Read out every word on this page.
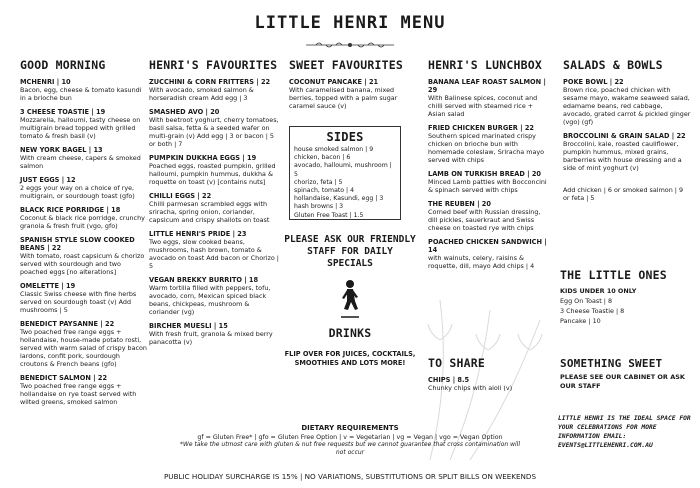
LITTLE HENRI MENU
GOOD MORNING
MCHENRI | 10
Bacon, egg, cheese & tomato kasundi in a brioche bun
3 CHEESE TOASTIE | 19
Mozzarella, halloumi, tasty cheese on multigrain bread topped with grilled tomato & fresh basil (v)
NEW YORK BAGEL | 13
With cream cheese, capers & smoked salmon
JUST EGGS | 12
2 eggs your way on a choice of rye, multigrain, or sourdough toast (gfo)
BLACK RICE PORRIDGE | 18
Coconut & black rice porridge, crunchy granola & fresh fruit (vgo, gfo)
SPANISH STYLE SLOW COOKED BEANS | 22
With tomato, roast capsicum & chorizo served with sourdough and two poached eggs [no alterations]
OMELETTE | 19
Classic Swiss cheese with fine herbs served on sourdough toast (v) Add mushrooms | 5
BENEDICT PAYSANNE | 22
Two poached free range eggs + hollandaise, house-made potato rosti, served with warm salad of crispy bacon lardons, confit pork, sourdough croutons & French beans (gfo)
BENEDICT SALMON | 22
Two poached free range eggs + hollandaise on rye toast served with wilted greens, smoked salmon
HENRI'S FAVOURITES
ZUCCHINI & CORN FRITTERS | 22
With avocado, smoked salmon & horseradish cream Add egg | 3
SMASHED AVO | 20
With beetroot yoghurt, cherry tomatoes, basil salsa, fetta & a seeded wafer on multi-grain (v) Add egg | 3 or bacon | 5 or both | 7
PUMPKIN DUKKHA EGGS | 19
Poached eggs, roasted pumpkin, grilled halloumi, pumpkin hummus, dukkha & roquette on toast (v) [contains nuts]
CHILLI EGGS | 22
Chilli parmesan scrambled eggs with sriracha, spring onion, coriander, capsicum and crispy shallots on toast
LITTLE HENRI'S PRIDE | 23
Two eggs, slow cooked beans, mushrooms, hash brown, tomato & avocado on toast Add bacon or Chorizo | 5
VEGAN BREKKY BURRITO | 18
Warm tortilla filled with peppers, tofu, avocado, corn, Mexican spiced black beans, chickpeas, mushroom & coriander (vg)
BIRCHER MUESLI | 15
With fresh fruit, granola & mixed berry panacotta (v)
SWEET FAVOURITES
COCONUT PANCAKE | 21
With caramelised banana, mixed berries, topped with a palm sugar caramel sauce (v)
SIDES
house smoked salmon | 9
chicken, bacon | 6
avocado, halloumi, mushroom | 5
chorizo, feta | 5
spinach, tomato | 4
hollandaise, Kasundi, egg | 3
hash browns | 3
Gluten Free Toast | 1.5
PLEASE ASK OUR FRIENDLY STAFF FOR DAILY SPECIALS
DRINKS
FLIP OVER FOR JUICES, COCKTAILS, SMOOTHIES AND LOTS MORE!
HENRI'S LUNCHBOX
BANANA LEAF ROAST SALMON | 29
With Balinese spices, coconut and chilli served with steamed rice + Asian salad
FRIED CHICKEN BURGER | 22
Southern spiced marinated crispy chicken on brioche bun with homemade coleslaw, Sriracha mayo served with chips
LAMB ON TURKISH BREAD | 20
Minced Lamb patties with Bocconcini & spinach served with chips
THE REUBEN | 20
Corned beef with Russian dressing, dill pickles, sauerkraut and Swiss cheese on toasted rye with chips
POACHED CHICKEN SANDWICH | 14
with walnuts, celery, raisins & roquette, dill, mayo Add chips | 4
TO SHARE
CHIPS | 8.5
Chunky chips with aioli (v)
SALADS & BOWLS
POKE BOWL | 22
Brown rice, poached chicken with sesame mayo, wakame seaweed salad, edamame beans, red cabbage, avocado, grated carrot & pickled ginger (vgo) (gf)
BROCCOLINI & GRAIN SALAD | 22
Broccolini, kale, roasted cauliflower, pumpkin hummus, mixed grains, barberries with house dressing and a side of mint yoghurt (v)
Add chicken | 6 or smoked salmon | 9 or feta | 5
THE LITTLE ONES
KIDS UNDER 10 ONLY
Egg On Toast | 8
3 Cheese Toastie | 8
Pancake | 10
SOMETHING SWEET
PLEASE SEE OUR CABINET OR ASK OUR STAFF
LITTLE HENRI IS THE IDEAL SPACE FOR YOUR CELEBRATIONS FOR MORE INFORMATION EMAIL: EVENTS@LITTLEHENRI.COM.AU
DIETARY REQUIREMENTS
gf = Gluten Free* | gfo = Gluten Free Option | v = Vegetarian | vg = Vegan | vgo = Vegan Option
*We take the utmost care with gluten & nut free requests but we cannot guarantee that cross contamination will not occur
PUBLIC HOLIDAY SURCHARGE IS 15% | NO VARIATIONS, SUBSTITUTIONS OR SPLIT BILLS ON WEEKENDS
